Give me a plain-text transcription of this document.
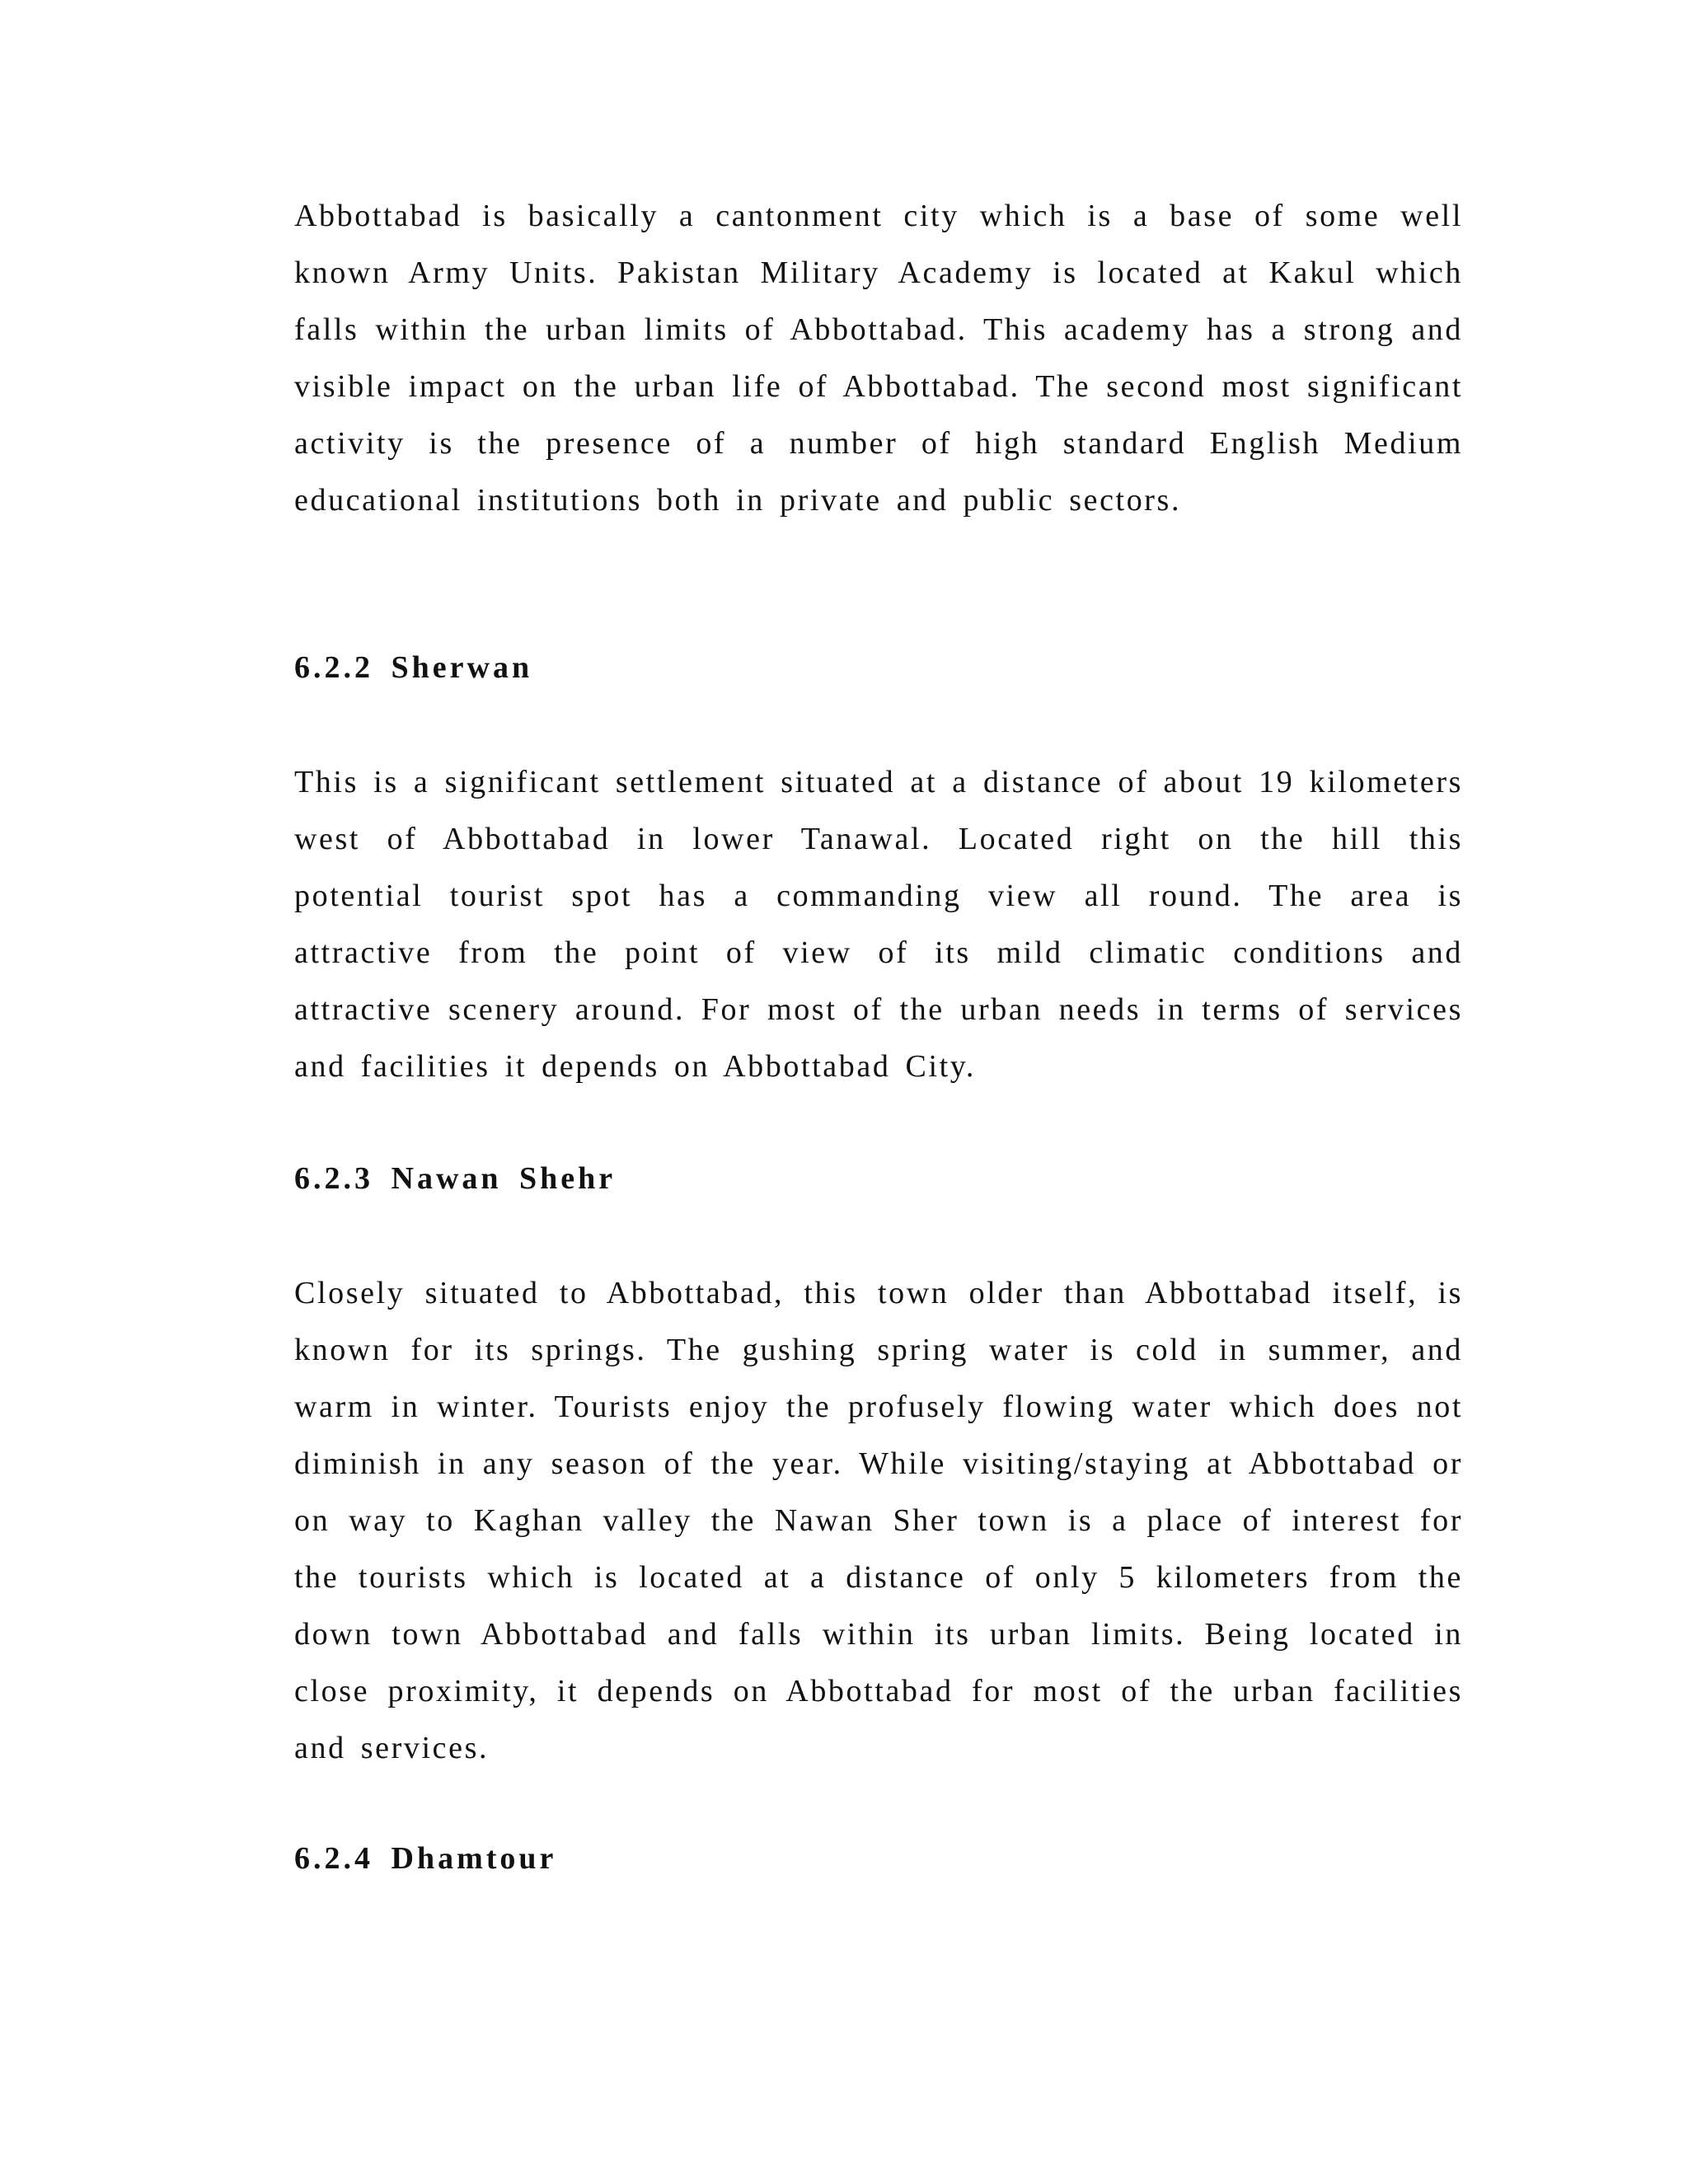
Abbottabad is basically a cantonment city which is a base of some well known Army Units. Pakistan Military Academy is located at Kakul which falls within the urban limits of Abbottabad. This academy has a strong and visible impact on the urban life of Abbottabad. The second most significant activity is the presence of a number of high standard English Medium educational institutions both in private and public sectors.

6.2.2 Sherwan

This is a significant settlement situated at a distance of about 19 kilometers west of Abbottabad in lower Tanawal. Located right on the hill this potential tourist spot has a commanding view all round. The area is attractive from the point of view of its mild climatic conditions and attractive scenery around. For most of the urban needs in terms of services and facilities it depends on Abbottabad City.

6.2.3 Nawan Shehr

Closely situated to Abbottabad, this town older than Abbottabad itself, is known for its springs. The gushing spring water is cold in summer, and warm in winter. Tourists enjoy the profusely flowing water which does not diminish in any season of the year. While visiting/staying at Abbottabad or on way to Kaghan valley the Nawan Sher town is a place of interest for the tourists which is located at a distance of only 5 kilometers from the down town Abbottabad and falls within its urban limits. Being located in close proximity, it depends on Abbottabad for most of the urban facilities and services.

6.2.4 Dhamtour
